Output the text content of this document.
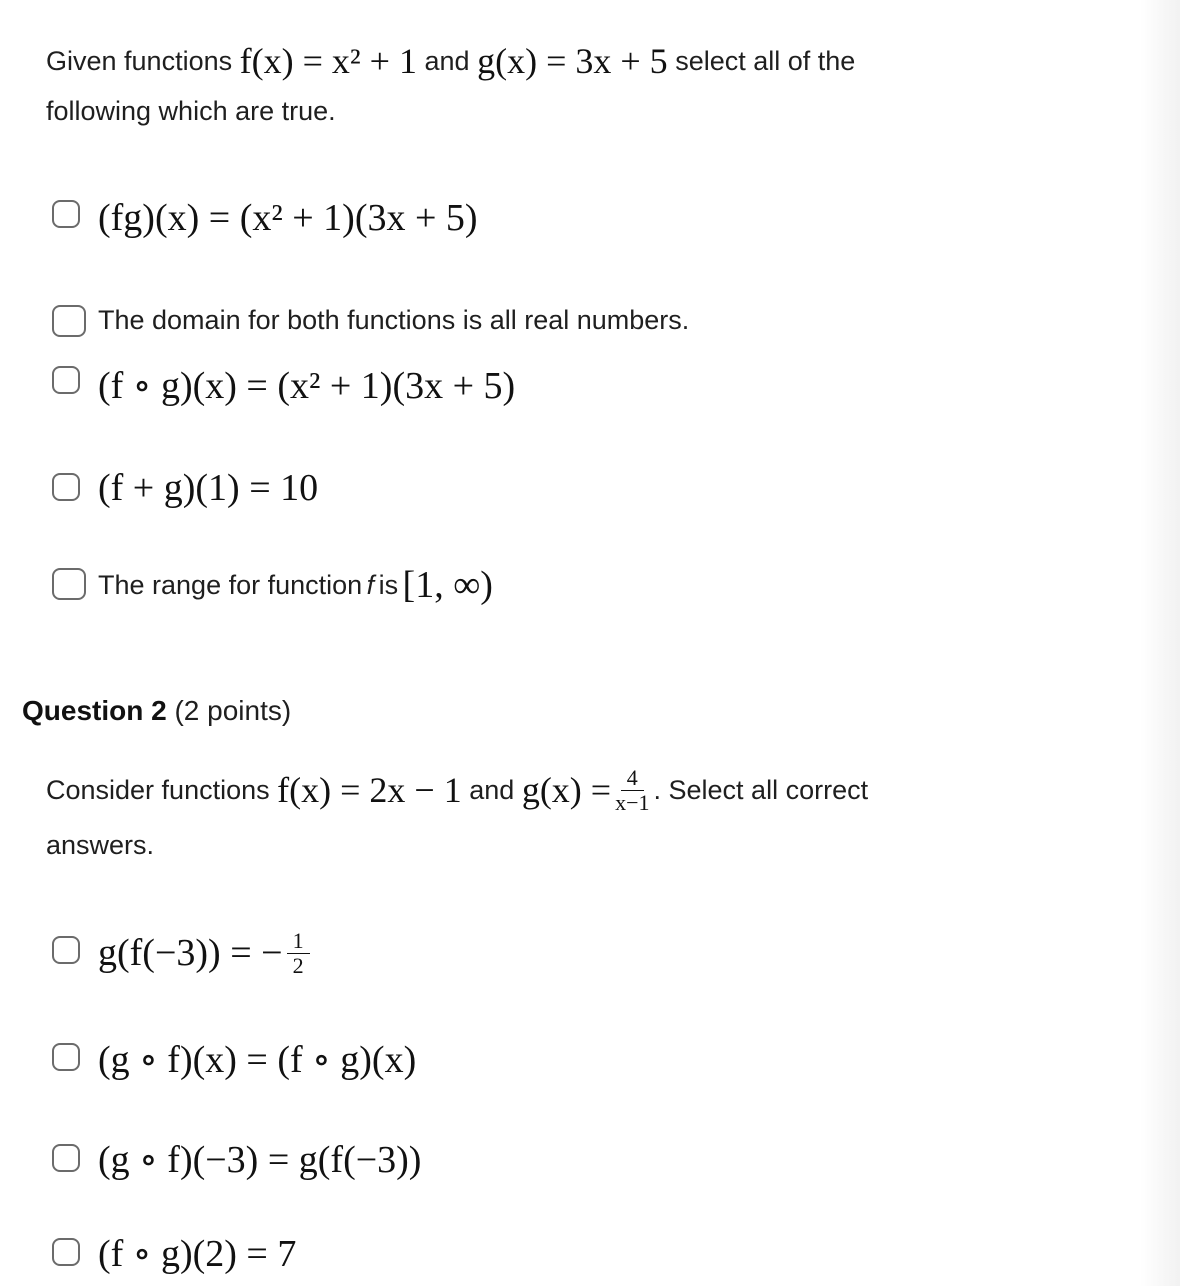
Given functions
f(x) = x² + 1
and
g(x) = 3x + 5
select all of the
following which are true.
(fg)(x) = (x² + 1)(3x + 5)
The domain for both functions is all real numbers.
(f ∘ g)(x) = (x² + 1)(3x + 5)
(f + g)(1) = 10
The range for function
f
is
[1, ∞)
Question 2 (2 points)
Consider functions
f(x) = 2x − 1
and
$g(x) = \frac{4}{x-1}$ . Select all correct
answers.
g(f(−3)) = − $\frac{1}{2}$
(g ∘ f)(x) = (f ∘ g)(x)
(g ∘ f)(−3) = g(f(−3))
(f ∘ g)(2) = 7
